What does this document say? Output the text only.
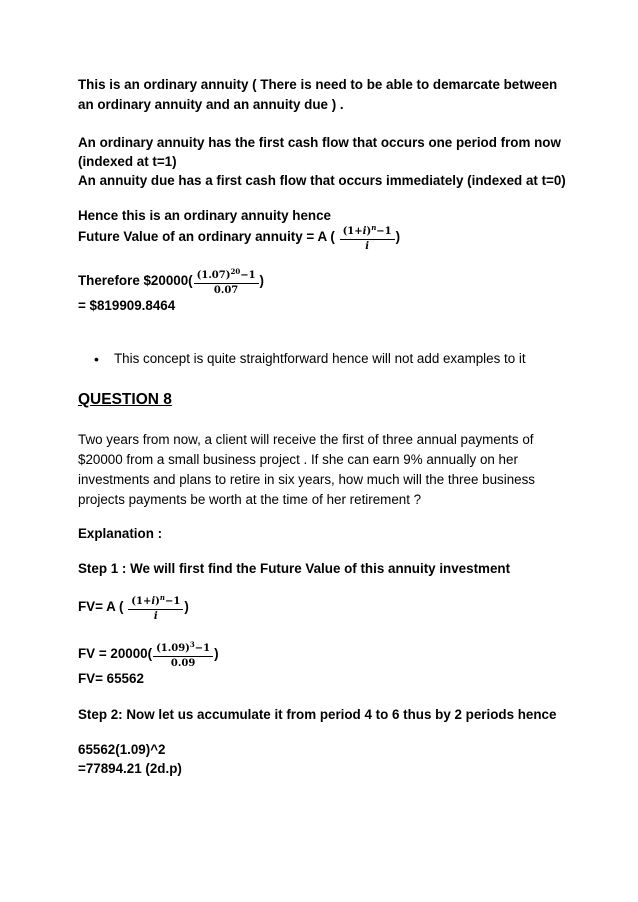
This is an ordinary annuity ( There is need to be able to demarcate between
an ordinary annuity and an annuity due ) .
An ordinary annuity has the first cash flow that occurs one period from now
(indexed at t=1)
An annuity due has a first cash flow that occurs immediately (indexed at t=0)
Hence this is an ordinary annuity hence
Future Value of an ordinary annuity = A ( $\frac{(1+i)^n-1}{i}$ )
Therefore $20000( $\frac{(1.07)^{20}-1}{0.07}$ )
= $819909.8464
• This concept is quite straightforward hence will not add examples to it
QUESTION 8
Two years from now, a client will receive the first of three annual payments of
$20000 from a small business project . If she can earn 9% annually on her
investments and plans to retire in six years, how much will the three business
projects payments be worth at the time of her retirement ?
Explanation :
Step 1 : We will first find the Future Value of this annuity investment
FV= A ( $\frac{(1+i)^n-1}{i}$ )
FV = $20000( \frac{(1.09)^3-1}{0.09}$ )
FV= 65562
Step 2: Now let us accumulate it from period 4 to 6 thus by 2 periods hence
65562(1.09)^2
=77894.21 (2d.p)
